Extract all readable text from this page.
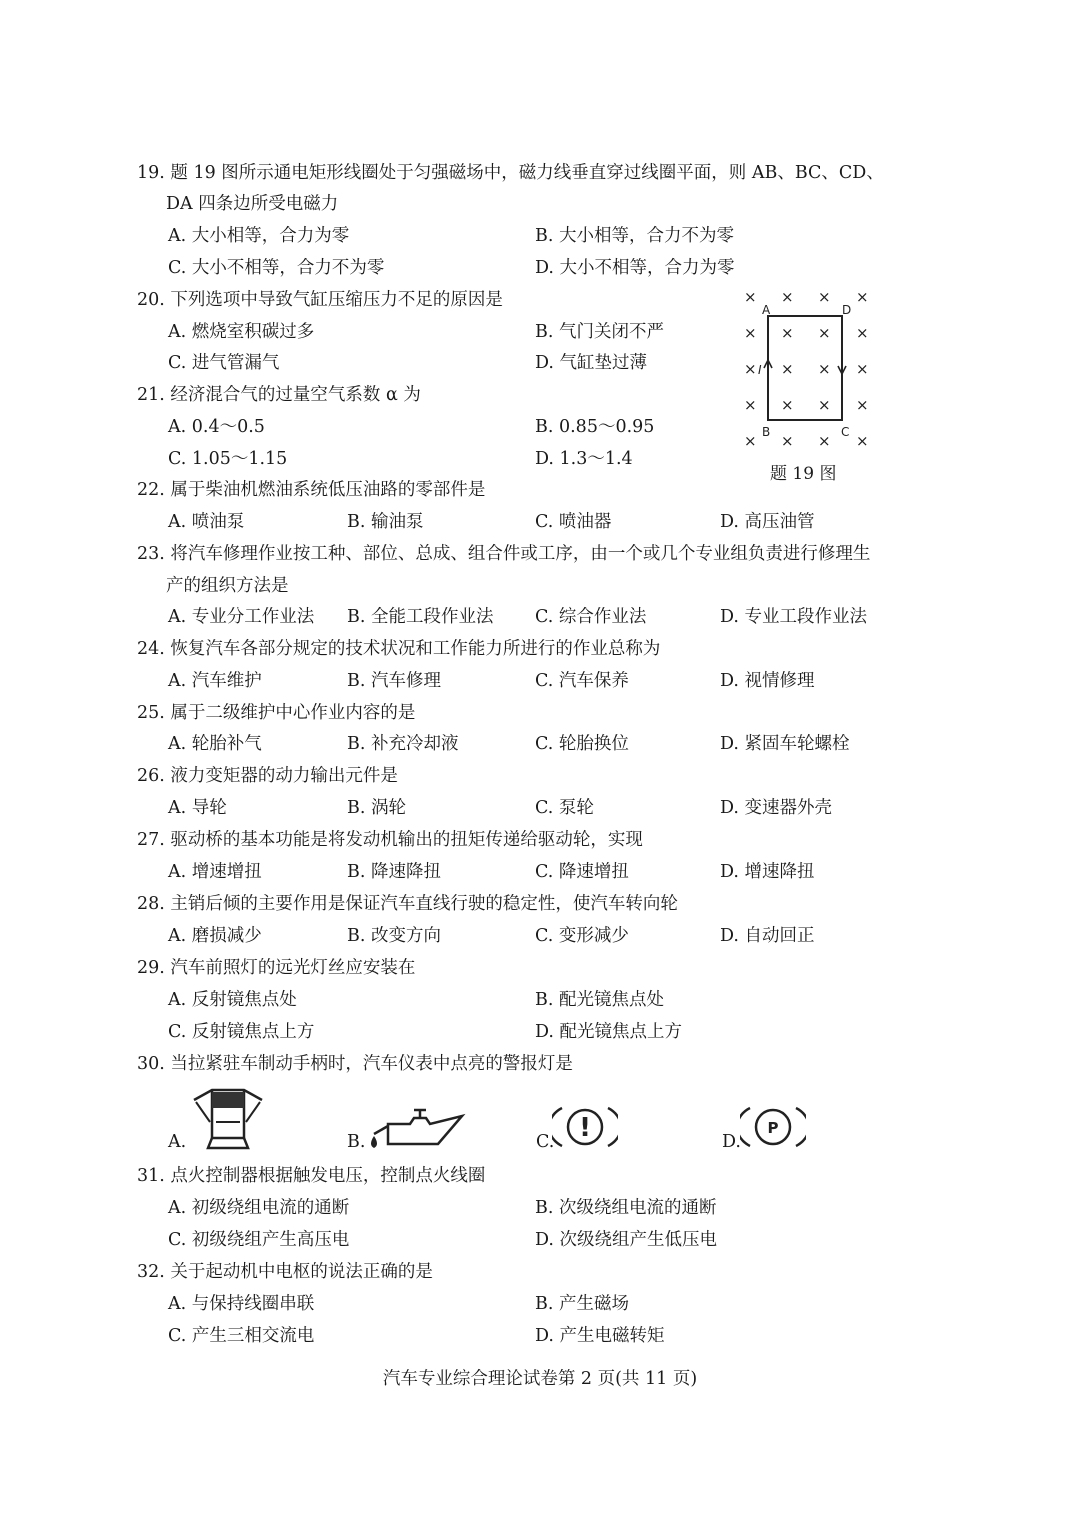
19. 题 19 图所示通电矩形线圈处于匀强磁场中，磁力线垂直穿过线圈平面，则 AB、BC、CD、
DA 四条边所受电磁力
A. 大小相等，合力为零	B. 大小相等，合力不为零
C. 大小不相等，合力不为零	D. 大小不相等，合力为零
20. 下列选项中导致气缸压缩压力不足的原因是
A. 燃烧室积碳过多	B. 气门关闭不严
C. 进气管漏气	D. 气缸垫过薄
21. 经济混合气的过量空气系数 α 为
A. 0.4～0.5	B. 0.85～0.95
C. 1.05～1.15	D. 1.3～1.4
× × × ×
× × × ×
× × × ×
× × × ×
× × × ×
A	D
B	C
I
题 19 图
22. 属于柴油机燃油系统低压油路的零部件是
A. 喷油泵	B. 输油泵	C. 喷油器	D. 高压油管
23. 将汽车修理作业按工种、部位、总成、组合件或工序，由一个或几个专业组负责进行修理生
产的组织方法是
A. 专业分工作业法 B. 全能工段作业法 C. 综合作业法	D. 专业工段作业法
24. 恢复汽车各部分规定的技术状况和工作能力所进行的作业总称为
A. 汽车维护	B. 汽车修理	C. 汽车保养	D. 视情修理
25. 属于二级维护中心作业内容的是
A. 轮胎补气	B. 补充冷却液	C. 轮胎换位	D. 紧固车轮螺栓
26. 液力变矩器的动力输出元件是
A. 导轮	B. 涡轮	C. 泵轮	D. 变速器外壳
27. 驱动桥的基本功能是将发动机输出的扭矩传递给驱动轮，实现
A. 增速增扭	B. 降速降扭	C. 降速增扭	D. 增速降扭
28. 主销后倾的主要作用是保证汽车直线行驶的稳定性，使汽车转向轮
A. 磨损减少	B. 改变方向	C. 变形减少	D. 自动回正
29. 汽车前照灯的远光灯丝应安装在
A. 反射镜焦点处	B. 配光镜焦点处
C. 反射镜焦点上方	D. 配光镜焦点上方
30. 当拉紧驻车制动手柄时，汽车仪表中点亮的警报灯是
A.	B.	C. !	D.
P
31. 点火控制器根据触发电压，控制点火线圈
A. 初级绕组电流的通断	B. 次级绕组电流的通断
C. 初级绕组产生高压电	D. 次级绕组产生低压电
32. 关于起动机中电枢的说法正确的是
A. 与保持线圈串联	B. 产生磁场
C. 产生三相交流电	D. 产生电磁转矩
汽车专业综合理论试卷第 2 页(共 11 页)
